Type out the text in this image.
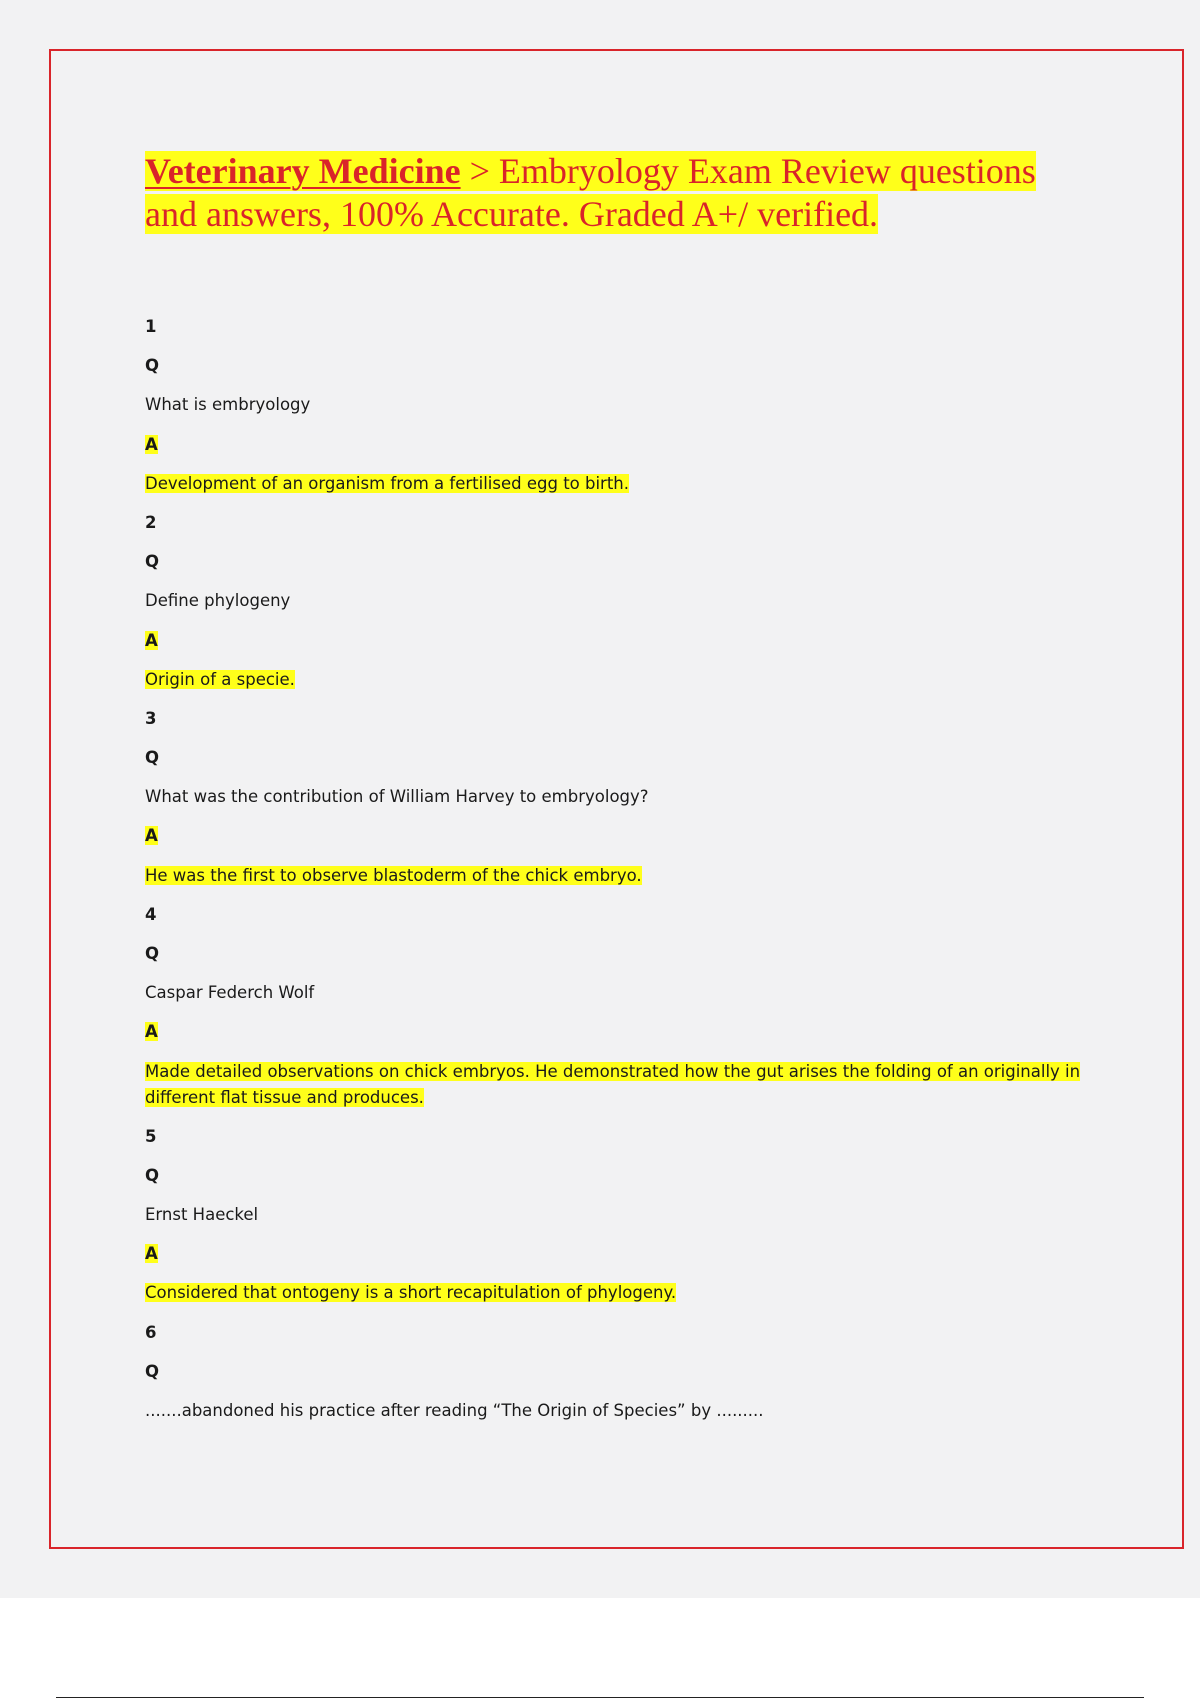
Veterinary Medicine > Embryology Exam Review questions and answers, 100% Accurate. Graded A+/ verified.
1
Q
What is embryology
A
Development of an organism from a fertilised egg to birth.
2
Q
Define phylogeny
A
Origin of a specie.
3
Q
What was the contribution of William Harvey to embryology?
A
He was the first to observe blastoderm of the chick embryo.
4
Q
Caspar Federch Wolf
A
Made detailed observations on chick embryos. He demonstrated how the gut arises the folding of an originally in different flat tissue and produces.
5
Q
Ernst Haeckel
A
Considered that ontogeny is a short recapitulation of phylogeny.
6
Q
.......abandoned his practice after reading “The Origin of Species” by .........
